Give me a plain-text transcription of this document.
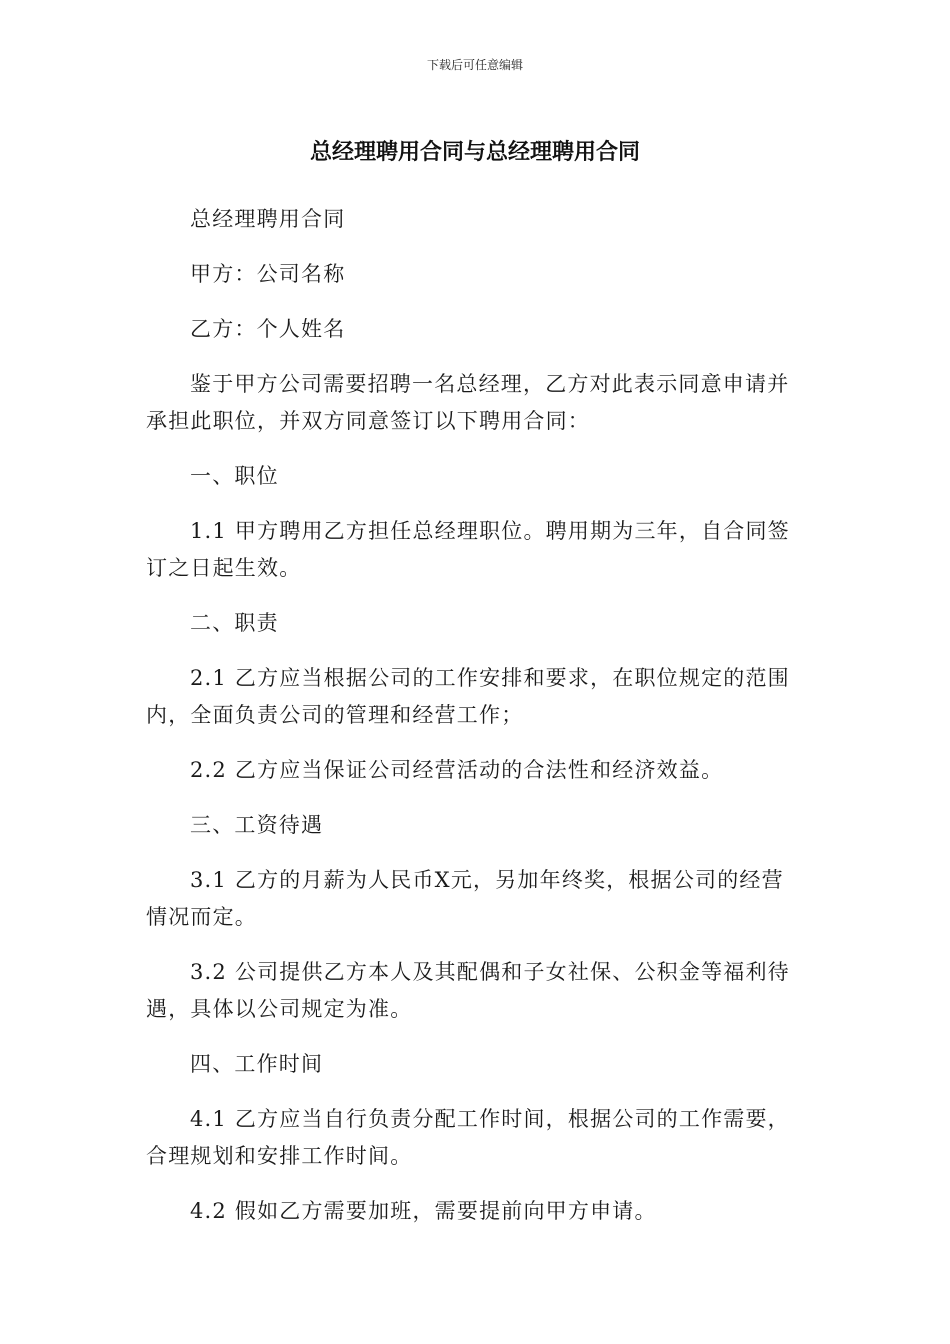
下载后可任意编辑
总经理聘用合同与总经理聘用合同

总经理聘用合同

甲方：公司名称

乙方：个人姓名

鉴于甲方公司需要招聘一名总经理，乙方对此表示同意申请并承担此职位，并双方同意签订以下聘用合同：

一、职位

1.1 甲方聘用乙方担任总经理职位。聘用期为三年，自合同签订之日起生效。

二、职责

2.1 乙方应当根据公司的工作安排和要求，在职位规定的范围内，全面负责公司的管理和经营工作；

2.2 乙方应当保证公司经营活动的合法性和经济效益。

三、工资待遇

3.1 乙方的月薪为人民币X元，另加年终奖，根据公司的经营情况而定。

3.2 公司提供乙方本人及其配偶和子女社保、公积金等福利待遇，具体以公司规定为准。

四、工作时间

4.1 乙方应当自行负责分配工作时间，根据公司的工作需要，合理规划和安排工作时间。

4.2 假如乙方需要加班，需要提前向甲方申请。
